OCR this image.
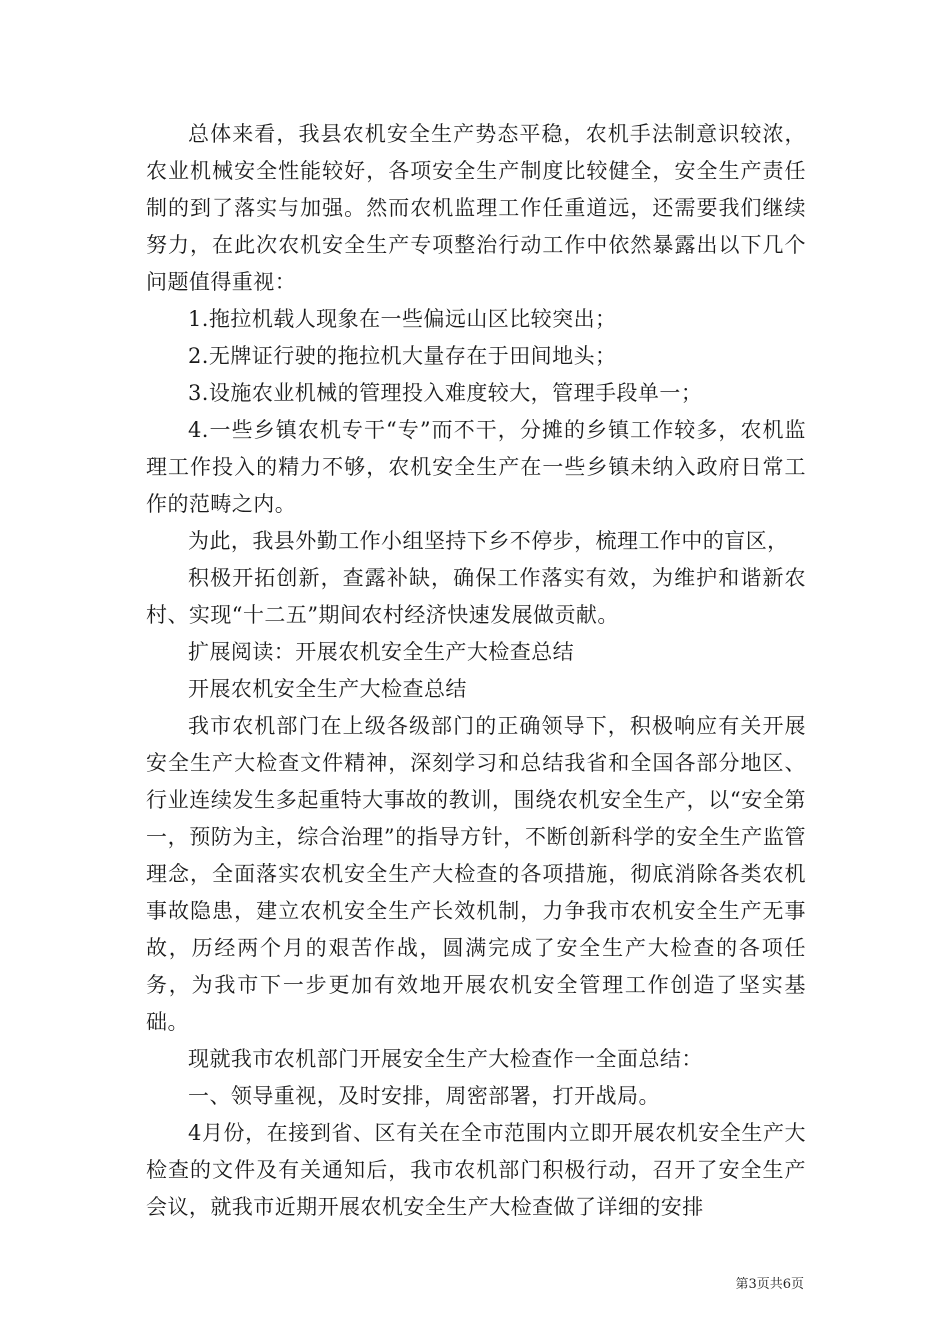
总体来看，我县农机安全生产势态平稳，农机手法制意识较浓，农业机械安全性能较好，各项安全生产制度比较健全，安全生产责任制的到了落实与加强。然而农机监理工作任重道远，还需要我们继续努力，在此次农机安全生产专项整治行动工作中依然暴露出以下几个问题值得重视：

1.拖拉机载人现象在一些偏远山区比较突出；

2.无牌证行驶的拖拉机大量存在于田间地头；

3.设施农业机械的管理投入难度较大，管理手段单一；

4.一些乡镇农机专干“专”而不干，分摊的乡镇工作较多，农机监理工作投入的精力不够，农机安全生产在一些乡镇未纳入政府日常工作的范畴之内。

为此，我县外勤工作小组坚持下乡不停步，梳理工作中的盲区，

积极开拓创新，查露补缺，确保工作落实有效，为维护和谐新农村、实现“十二五”期间农村经济快速发展做贡献。

扩展阅读：开展农机安全生产大检查总结

开展农机安全生产大检查总结

我市农机部门在上级各级部门的正确领导下，积极响应有关开展安全生产大检查文件精神，深刻学习和总结我省和全国各部分地区、行业连续发生多起重特大事故的教训，围绕农机安全生产，以“安全第一，预防为主，综合治理”的指导方针，不断创新科学的安全生产监管理念，全面落实农机安全生产大检查的各项措施，彻底消除各类农机事故隐患，建立农机安全生产长效机制，力争我市农机安全生产无事故，历经两个月的艰苦作战，圆满完成了安全生产大检查的各项任务，为我市下一步更加有效地开展农机安全管理工作创造了坚实基础。

现就我市农机部门开展安全生产大检查作一全面总结：

一、领导重视，及时安排，周密部署，打开战局。

4月份，在接到省、区有关在全市范围内立即开展农机安全生产大检查的文件及有关通知后，我市农机部门积极行动，召开了安全生产会议，就我市近期开展农机安全生产大检查做了详细的安排

第3页共6页
